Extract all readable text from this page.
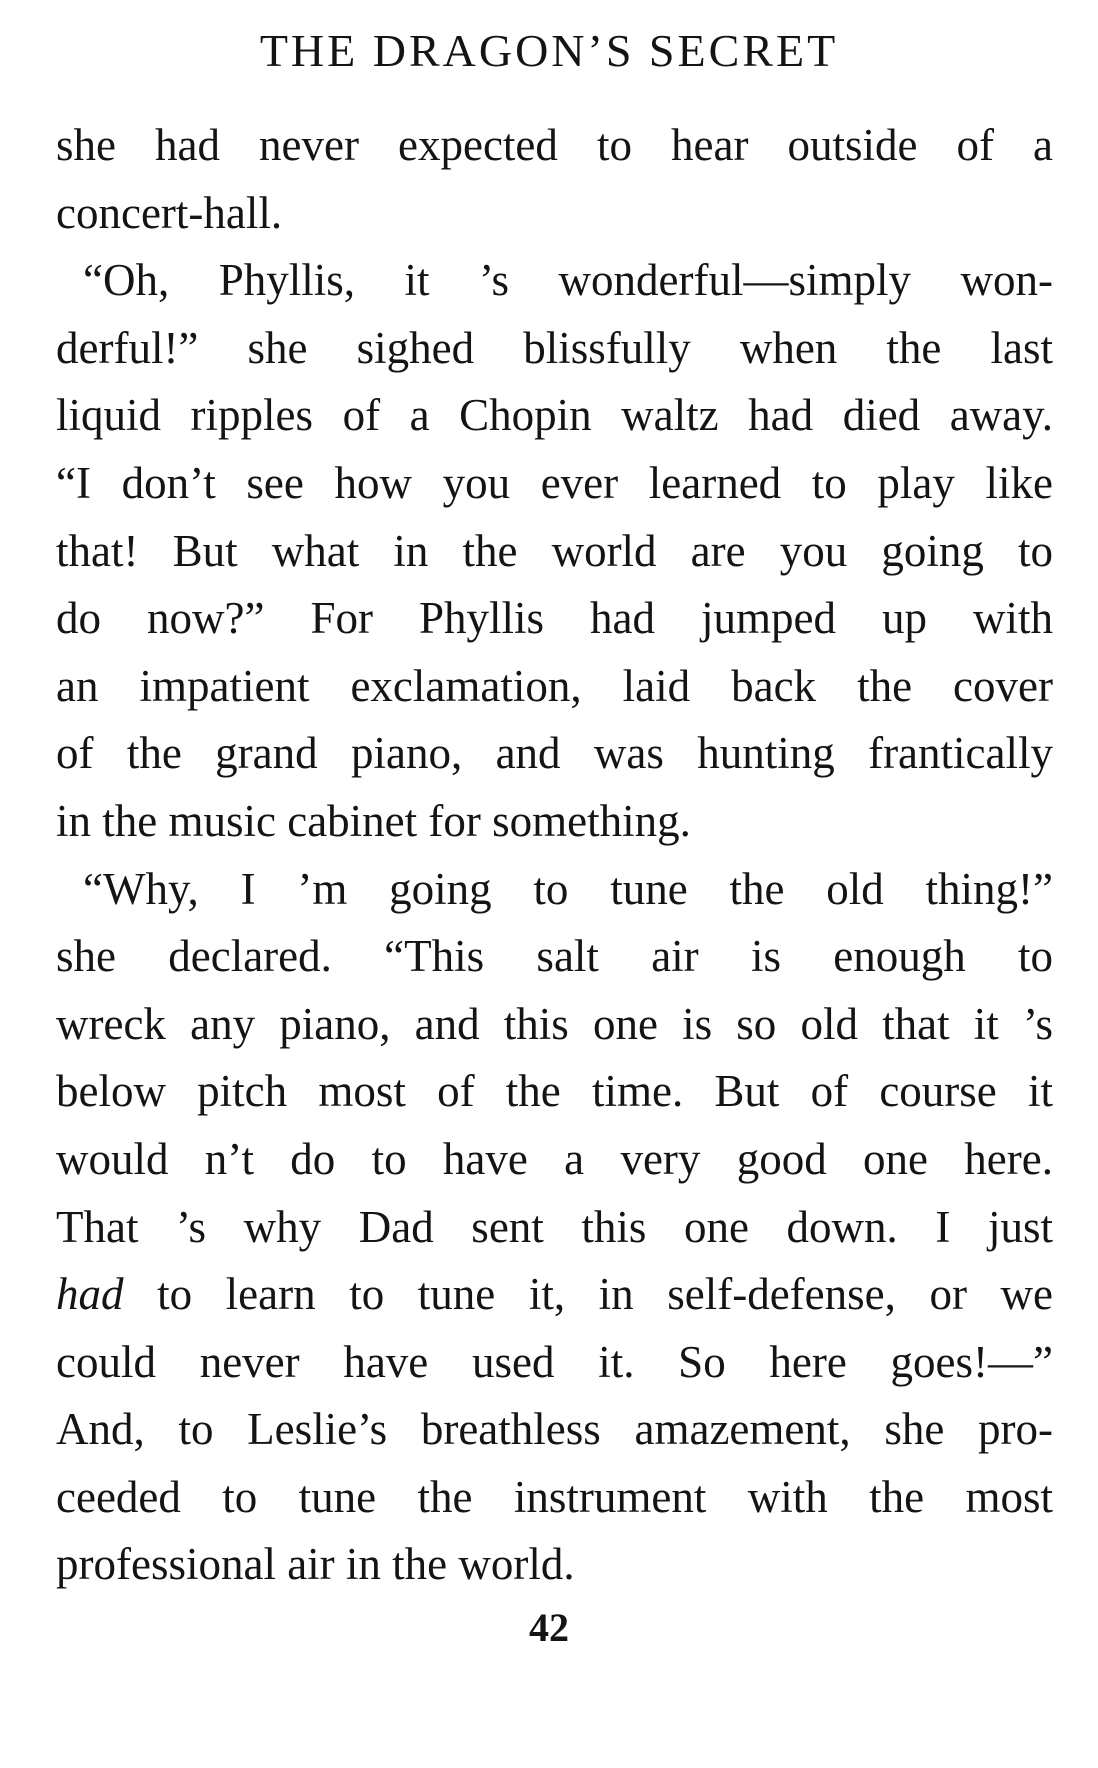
THE DRAGON’S SECRET
she had never expected to hear outside of a
concert-hall.
“Oh, Phyllis, it ’s wonderful—simply won-
derful!” she sighed blissfully when the last
liquid ripples of a Chopin waltz had died away.
“I don’t see how you ever learned to play like
that! But what in the world are you going to
do now?” For Phyllis had jumped up with
an impatient exclamation, laid back the cover
of the grand piano, and was hunting frantically
in the music cabinet for something.
“Why, I ’m going to tune the old thing!”
she declared. “This salt air is enough to
wreck any piano, and this one is so old that it ’s
below pitch most of the time. But of course it
would n’t do to have a very good one here.
That ’s why Dad sent this one down. I just
had to learn to tune it, in self-defense, or we
could never have used it. So here goes!—”
And, to Leslie’s breathless amazement, she pro-
ceeded to tune the instrument with the most
professional air in the world.
42
